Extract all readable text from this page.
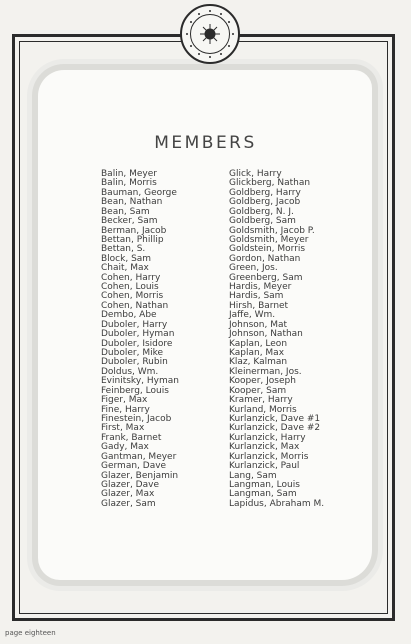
MEMBERS
Balin, Meyer
Balin, Morris
Bauman, George
Bean, Nathan
Bean, Sam
Becker, Sam
Berman, Jacob
Bettan, Phillip
Bettan, S.
Block, Sam
Chait, Max
Cohen, Harry
Cohen, Louis
Cohen, Morris
Cohen, Nathan
Dembo, Abe
Duboler, Harry
Duboler, Hyman
Duboler, Isidore
Duboler, Mike
Duboler, Rubin
Doldus, Wm.
Evinitsky, Hyman
Feinberg, Louis
Figer, Max
Fine, Harry
Finestein, Jacob
First, Max
Frank, Barnet
Gady, Max
Gantman, Meyer
German, Dave
Glazer, Benjamin
Glazer, Dave
Glazer, Max
Glazer, Sam
Glick, Harry
Glickberg, Nathan
Goldberg, Harry
Goldberg, Jacob
Goldberg, N. J.
Goldberg, Sam
Goldsmith, Jacob P.
Goldsmith, Meyer
Goldstein, Morris
Gordon, Nathan
Green, Jos.
Greenberg, Sam
Hardis, Meyer
Hardis, Sam
Hirsh, Barnet
Jaffe, Wm.
Johnson, Mat
Johnson, Nathan
Kaplan, Leon
Kaplan, Max
Klaz, Kalman
Kleinerman, Jos.
Kooper, Joseph
Kooper, Sam
Kramer, Harry
Kurland, Morris
Kurlanzick, Dave #1
Kurlanzick, Dave #2
Kurlanzick, Harry
Kurlanzick, Max
Kurlanzick, Morris
Kurlanzick, Paul
Lang, Sam
Langman, Louis
Langman, Sam
Lapidus, Abraham M.
page eighteen
